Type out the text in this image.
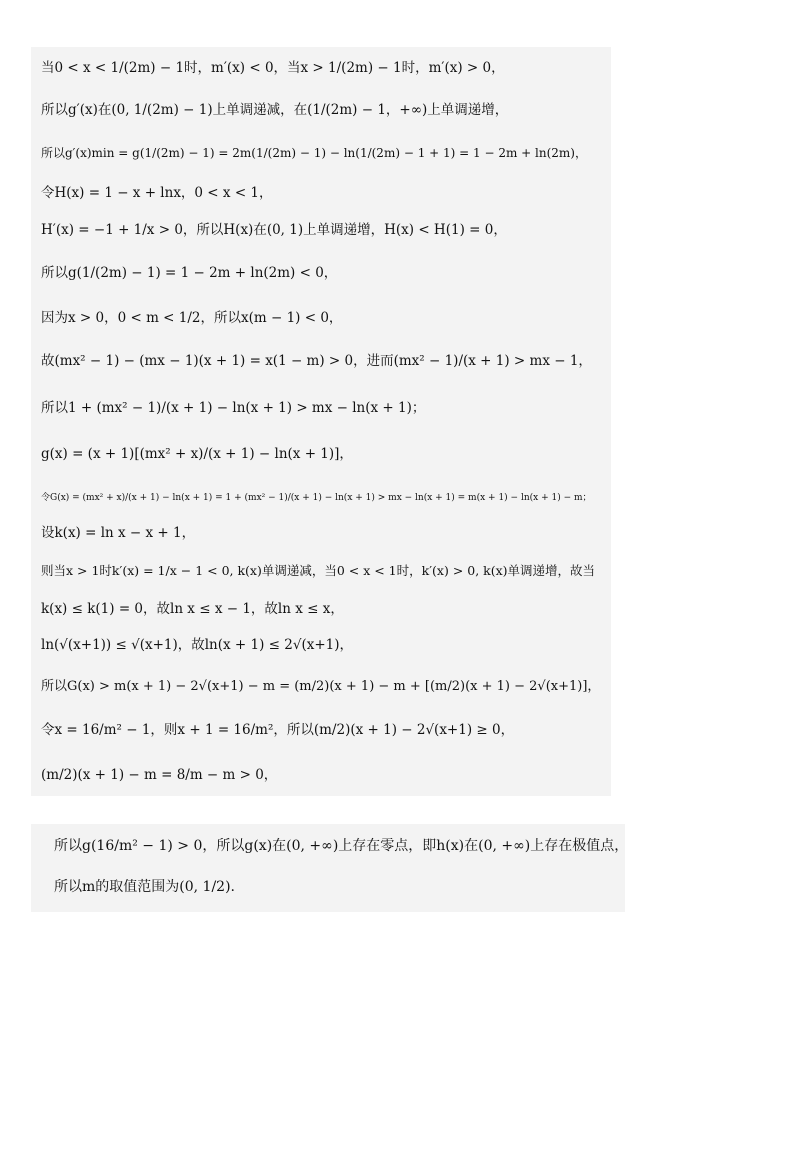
当0 < x < 1/(2m) − 1时，m′(x) < 0，当x > 1/(2m) − 1时，m′(x) > 0，
所以g′(x)在(0, 1/(2m) − 1)上单调递减，在(1/(2m) − 1，+∞)上单调递增，
所以g′(x)min = g(1/(2m) − 1) = 2m(1/(2m) − 1) − ln(1/(2m) − 1 + 1) = 1 − 2m + ln(2m)，
令H(x) = 1 − x + lnx，0 < x < 1，
H′(x) = −1 + 1/x > 0，所以H(x)在(0, 1)上单调递增，H(x) < H(1) = 0，
所以g(1/(2m) − 1) = 1 − 2m + ln(2m) < 0，
因为x > 0，0 < m < 1/2，所以x(m − 1) < 0，
故(mx² − 1) − (mx − 1)(x + 1) = x(1 − m) > 0，进而(mx² − 1)/(x + 1) > mx − 1，
所以1 + (mx² − 1)/(x + 1) − ln(x + 1) > mx − ln(x + 1)；
g(x) = (x + 1)[(mx² + x)/(x + 1) − ln(x + 1)]，
令G(x) = (mx² + x)/(x + 1) − ln(x + 1) = 1 + (mx² − 1)/(x + 1) − ln(x + 1) > mx − ln(x + 1) = m(x + 1) − ln(x + 1) − m；
设k(x) = ln x − x + 1，
则当x > 1时k′(x) = 1/x − 1 < 0, k(x)单调递减，当0 < x < 1时，k′(x) > 0, k(x)单调递增，故当
k(x) ≤ k(1) = 0，故ln x ≤ x − 1，故ln x ≤ x，
ln(√(x+1)) ≤ √(x+1)，故ln(x + 1) ≤ 2√(x+1)，
所以G(x) > m(x + 1) − 2√(x+1) − m = (m/2)(x + 1) − m + [(m/2)(x + 1) − 2√(x+1)]，
令x = 16/m² − 1，则x + 1 = 16/m²，所以(m/2)(x + 1) − 2√(x+1) ≥ 0，
(m/2)(x + 1) − m = 8/m − m > 0，
所以g(16/m² − 1) > 0，所以g(x)在(0, +∞)上存在零点，即h(x)在(0, +∞)上存在极值点，
所以m的取值范围为(0, 1/2).
